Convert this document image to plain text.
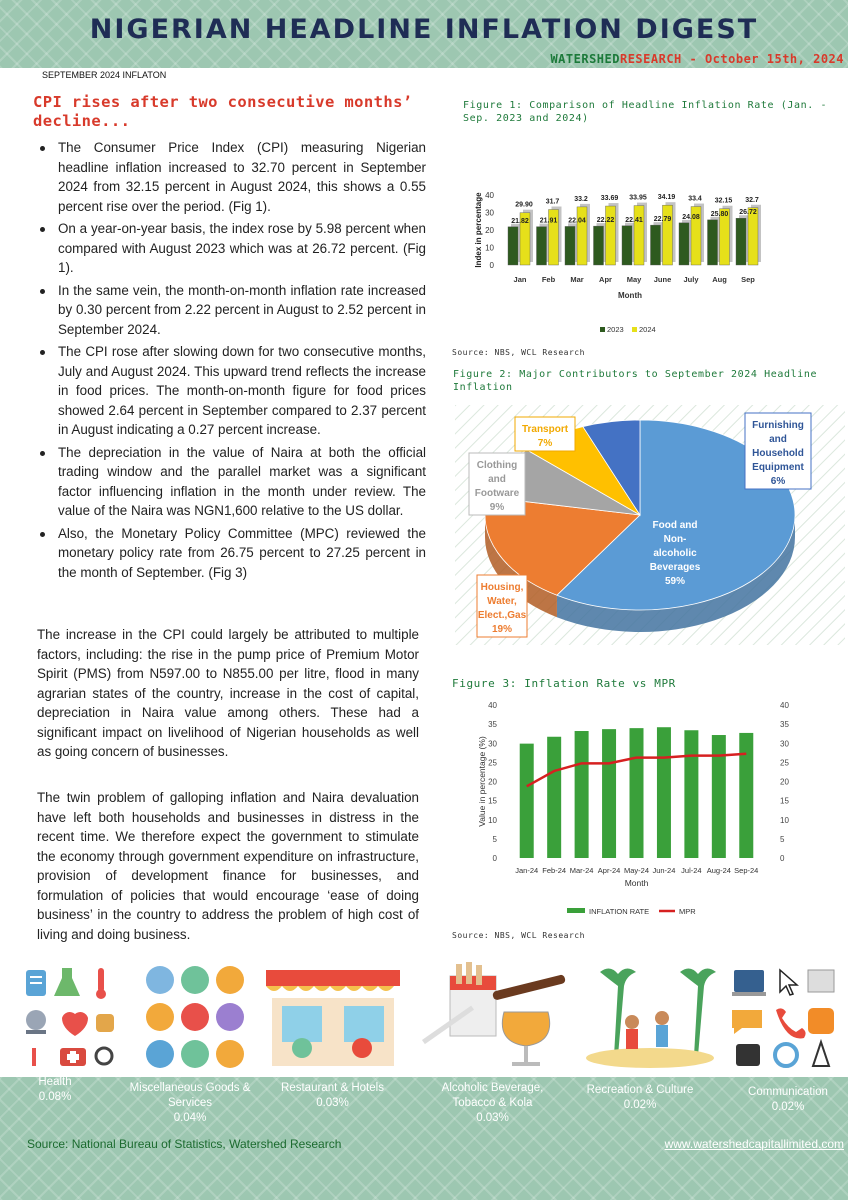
NIGERIAN HEADLINE INFLATION DIGEST
WATERSHEDRESEARCH - October 15th, 2024
SEPTEMBER 2024 INFLATON
CPI rises after two consecutive months’ decline...
The Consumer Price Index (CPI) measuring Nigerian headline inflation increased to 32.70 percent in September 2024 from 32.15 percent in August 2024, this shows a 0.55 percent rise over the period. (Fig 1).
On a year-on-year basis, the index rose by 5.98 percent when compared with August 2023 which was at 26.72 percent. (Fig 1).
In the same vein, the month-on-month inflation rate increased by 0.30 percent from 2.22 percent in August to 2.52 percent in September 2024.
The CPI rose after slowing down for two consecutive months, July and August 2024. This upward trend reflects the increase in food prices. The month-on-month figure for food prices showed 2.64 percent in September compared to 2.37 percent in August indicating a 0.27 percent increase.
The depreciation in the value of Naira at both the official trading window and the parallel market was a significant factor influencing inflation in the month under review. The value of the Naira was NGN1,600 relative to the US dollar.
Also, the Monetary Policy Committee (MPC) reviewed the monetary policy rate from 26.75 percent to 27.25 percent in the month of September. (Fig 3)
The increase in the CPI could largely be attributed to multiple factors, including: the rise in the pump price of Premium Motor Spirit (PMS) from N597.00 to N855.00 per litre, flood in many agrarian states of the country, increase in the cost of capital, depreciation in Naira value among others. These had a significant impact on livelihood of Nigerian households as well as going concern of businesses.
The twin problem of galloping inflation and Naira devaluation have left both households and businesses in distress in the recent time. We therefore expect the government to stimulate the economy through government expenditure on infrastructure, provision of development finance for businesses, and formulation of policies that would encourage ‘ease of doing business’ in the country to address the problem of high cost of living and doing business.
Figure 1: Comparison of Headline Inflation Rate (Jan. - Sep. 2023 and 2024)
0
10
20
30
40
Index in percentage	21.82
29.90
Jan
21.91
31.7
Feb
22.04
33.2
Mar
22.22
33.69
Apr
22.41
33.95
May
22.79
34.19
June
24.08
33.4
July
25.80
32.15
Aug
26.72
32.7
Sep
Month
2023 2024
Source: NBS, WCL Research
Figure 2: Major Contributors to September 2024 Headline Inflation
Food and
Non-
alcoholic
Beverages
59%
Housing,
Water,
Elect.,Gas
19%
Clothing
and
Footware
9%
Transport
7%
Furnishing
and
Household
Equipment
6%
Figure 3: Inflation Rate vs MPR
0	0
5	5
10	10
15	15
20	20
25	25
30	30
35	35
40	40
Value in percentage (%)
Jan-24 Feb-24 Mar-24 Apr-24 May-24 Jun-24 Jul-24 Aug-24 Sep-24
Month
INFLATION RATE	MPR
Source: NBS, WCL Research
Health
0.08%
Miscellaneous Goods & Services
0.04%
Restaurant & Hotels
0.03%
Alcoholic Beverage, Tobacco & Kola
0.03%
Recreation & Culture
0.02%
Communication
0.02%
Source: National Bureau of Statistics, Watershed Research	www.watershedcapitallimited.com
